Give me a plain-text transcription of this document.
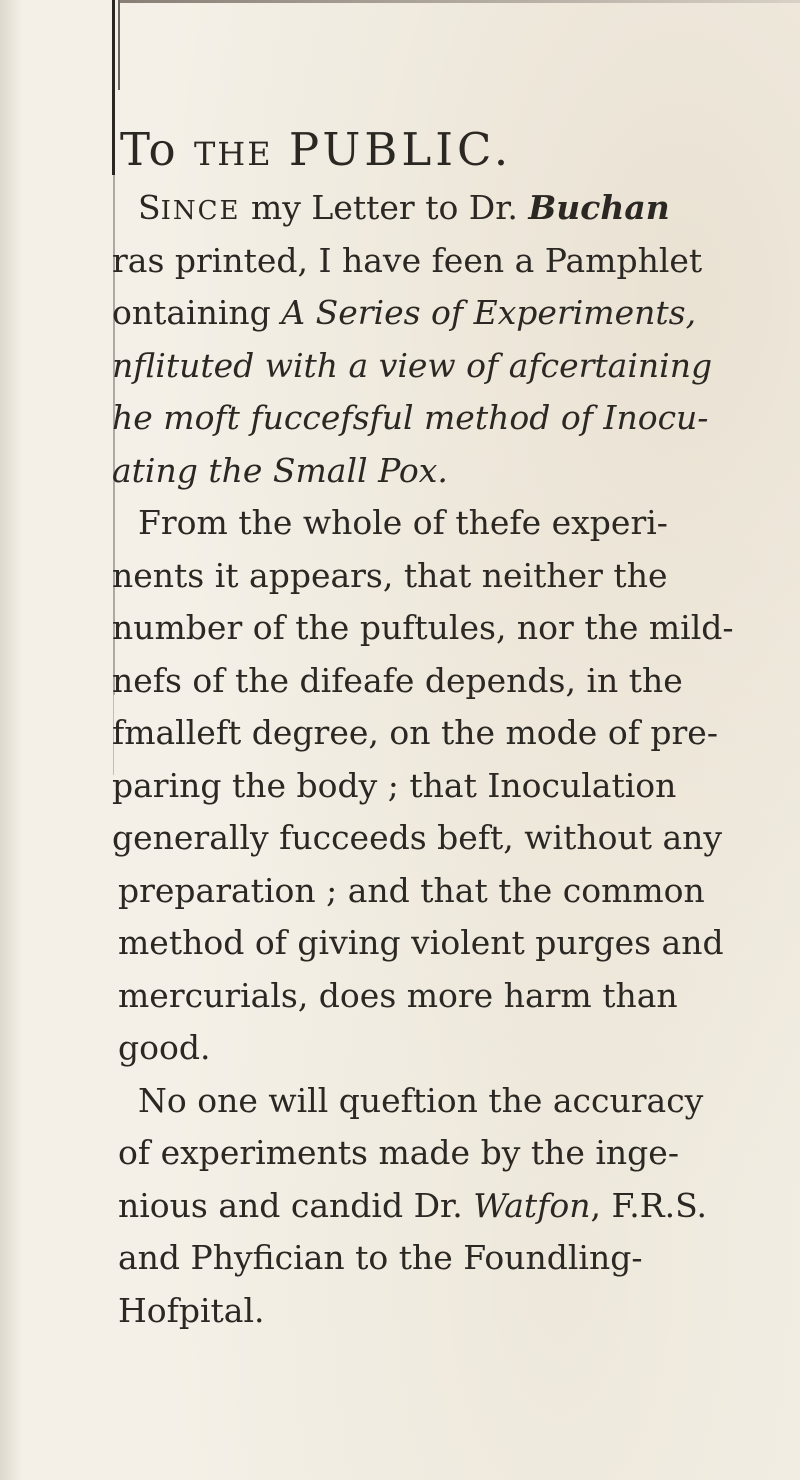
To THE PUBLIC.
SINCE my Letter to Dr. Buchan
ras printed, I have feen a Pamphlet
ontaining A Series of Experiments,
nflituted with a view of afcertaining
he moft fuccefsful method of Inocu-
ating the Small Pox.
From the whole of thefe experi-
nents it appears, that neither the
number of the puftules, nor the mild-
nefs of the difeafe depends, in the
fmalleft degree, on the mode of pre-
paring the body ; that Inoculation
generally fucceeds beft, without any
preparation ; and that the common
method of giving violent purges and
mercurials, does more harm than
good.
No one will queftion the accuracy
of experiments made by the inge-
nious and candid Dr. Watfon, F.R.S.
and Phyfician to the Foundling-
Hofpital.
